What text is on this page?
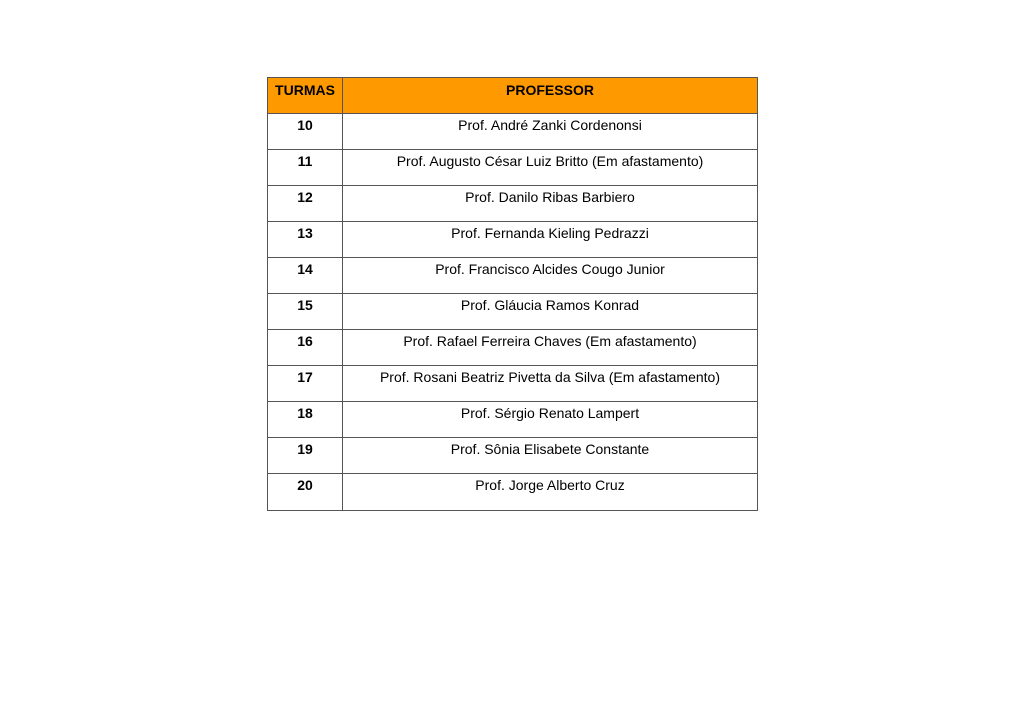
TURMAS	PROFESSOR
10	Prof. André Zanki Cordenonsi
11	Prof. Augusto César Luiz Britto (Em afastamento)
12	Prof. Danilo Ribas Barbiero
13	Prof. Fernanda Kieling Pedrazzi
14	Prof. Francisco Alcides Cougo Junior
15	Prof. Gláucia Ramos Konrad
16	Prof. Rafael Ferreira Chaves (Em afastamento)
17	Prof. Rosani Beatriz Pivetta da Silva (Em afastamento)
18	Prof. Sérgio Renato Lampert
19	Prof. Sônia Elisabete Constante
20	Prof. Jorge Alberto Cruz
